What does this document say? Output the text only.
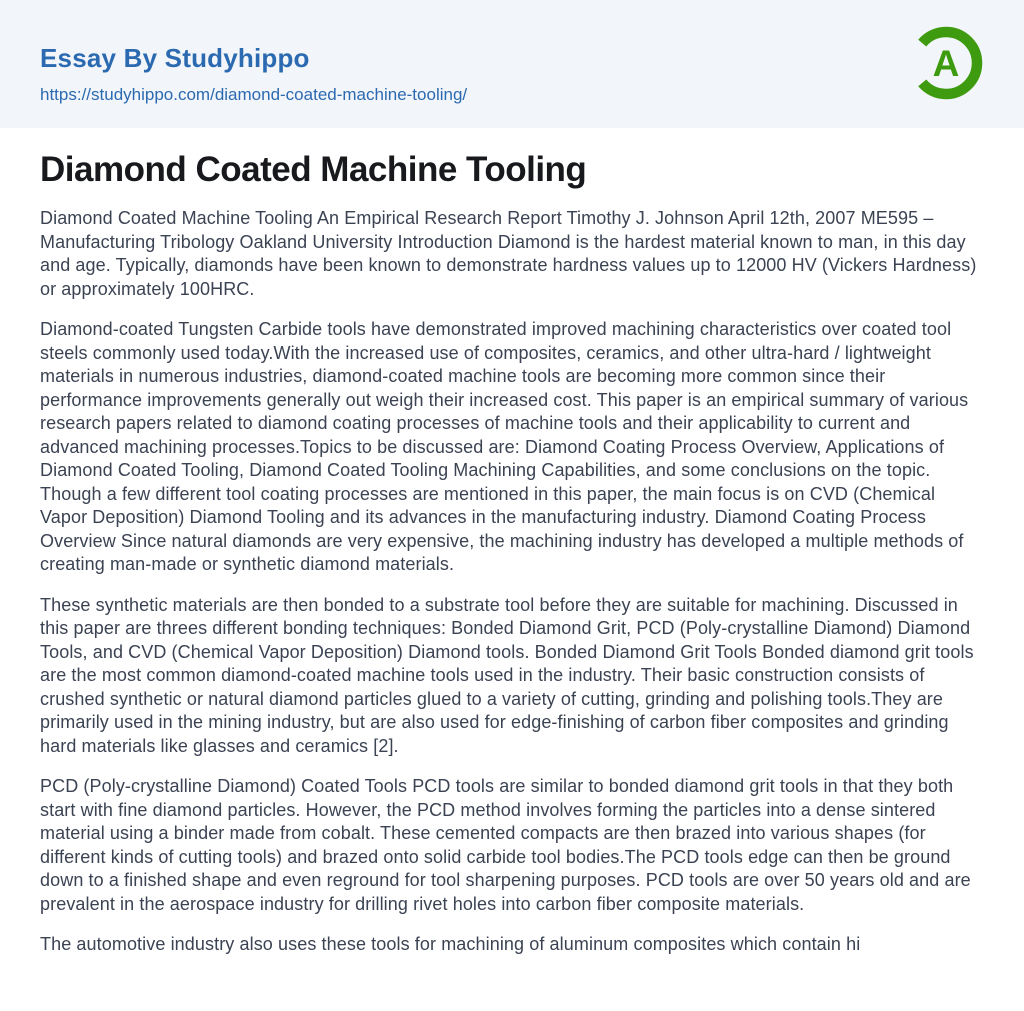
Essay By Studyhippo
https://studyhippo.com/diamond-coated-machine-tooling/
A
Diamond Coated Machine Tooling

Diamond Coated Machine Tooling An Empirical Research Report Timothy J. Johnson April 12th, 2007 ME595 – Manufacturing Tribology Oakland University Introduction Diamond is the hardest material known to man, in this day and age. Typically, diamonds have been known to demonstrate hardness values up to 12000 HV (Vickers Hardness) or approximately 100HRC.

Diamond-coated Tungsten Carbide tools have demonstrated improved machining characteristics over coated tool steels commonly used today.With the increased use of composites, ceramics, and other ultra-hard / lightweight materials in numerous industries, diamond-coated machine tools are becoming more common since their performance improvements generally out weigh their increased cost. This paper is an empirical summary of various research papers related to diamond coating processes of machine tools and their applicability to current and advanced machining processes.Topics to be discussed are: Diamond Coating Process Overview, Applications of Diamond Coated Tooling, Diamond Coated Tooling Machining Capabilities, and some conclusions on the topic. Though a few different tool coating processes are mentioned in this paper, the main focus is on CVD (Chemical Vapor Deposition) Diamond Tooling and its advances in the manufacturing industry. Diamond Coating Process Overview Since natural diamonds are very expensive, the machining industry has developed a multiple methods of creating man-made or synthetic diamond materials.

These synthetic materials are then bonded to a substrate tool before they are suitable for machining. Discussed in this paper are threes different bonding techniques: Bonded Diamond Grit, PCD (Poly-crystalline Diamond) Diamond Tools, and CVD (Chemical Vapor Deposition) Diamond tools. Bonded Diamond Grit Tools Bonded diamond grit tools are the most common diamond-coated machine tools used in the industry. Their basic construction consists of crushed synthetic or natural diamond particles glued to a variety of cutting, grinding and polishing tools.They are primarily used in the mining industry, but are also used for edge-finishing of carbon fiber composites and grinding hard materials like glasses and ceramics [2].

PCD (Poly-crystalline Diamond) Coated Tools PCD tools are similar to bonded diamond grit tools in that they both start with fine diamond particles. However, the PCD method involves forming the particles into a dense sintered material using a binder made from cobalt. These cemented compacts are then brazed into various shapes (for different kinds of cutting tools) and brazed onto solid carbide tool bodies.The PCD tools edge can then be ground down to a finished shape and even reground for tool sharpening purposes. PCD tools are over 50 years old and are prevalent in the aerospace industry for drilling rivet holes into carbon fiber composite materials.

The automotive industry also uses these tools for machining of aluminum composites which contain hi
